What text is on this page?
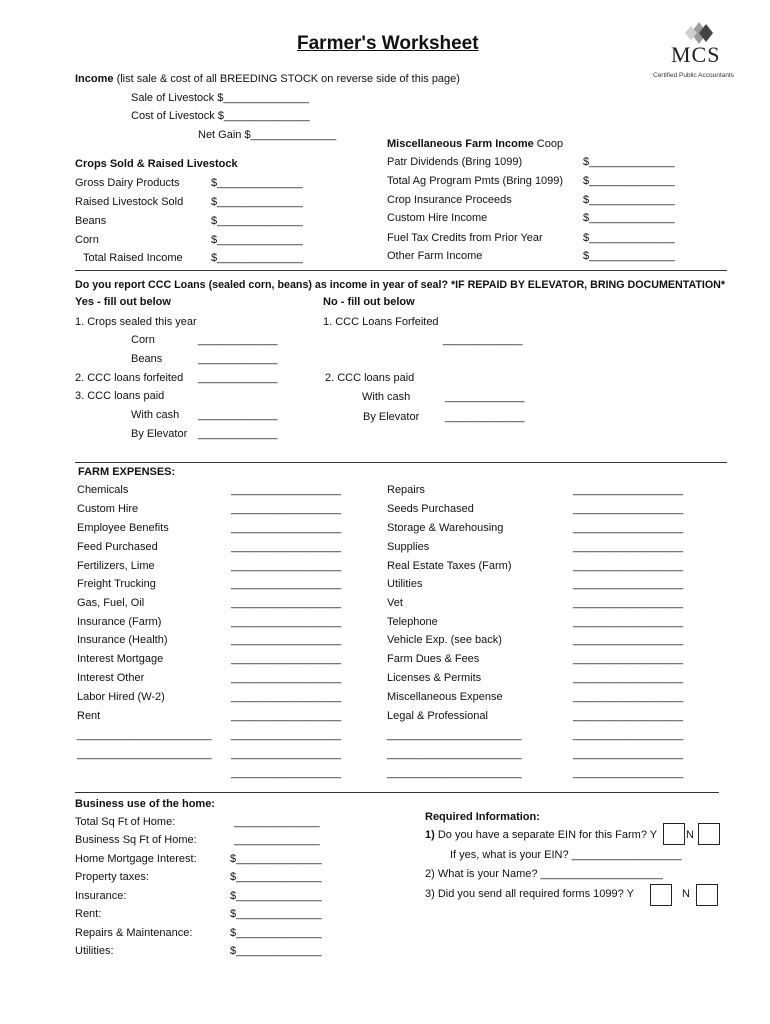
Farmer's Worksheet	MCS
Certified Public Accountants
Income (list sale & cost of all BREEDING STOCK on reverse side of this page)
Sale of Livestock $______________
Cost of Livestock $______________
Net Gain $______________
Crops Sold & Raised Livestock
Gross Dairy Products	$______________
Raised Livestock Sold	$______________
Beans	$______________
Corn	$______________
Total Raised Income	$______________
Miscellaneous Farm Income Coop
Patr Dividends (Bring 1099)	$______________
Total Ag Program Pmts (Bring 1099) $______________
Crop Insurance Proceeds	$______________
Custom Hire Income	$______________
Fuel Tax Credits from Prior Year	$______________
Other Farm Income	$______________
Do you report CCC Loans (sealed corn, beans) as income in year of seal? *IF REPAID BY ELEVATOR, BRING DOCUMENTATION*
Yes - fill out below	No - fill out below
1. Crops sealed this year
Corn	_____________
Beans	_____________
2. CCC loans forfeited _____________
3. CCC loans paid
With cash _____________
By Elevator _____________
1. CCC Loans Forfeited
_____________
2. CCC loans paid
With cash	_____________
By Elevator _____________
FARM EXPENSES:
Chemicals	__________________
Custom Hire	__________________
Employee Benefits	__________________
Feed Purchased	__________________
Fertilizers, Lime	__________________
Freight Trucking	__________________
Gas, Fuel, Oil	__________________
Insurance (Farm)	__________________
Insurance (Health)	__________________
Interest Mortgage	__________________
Interest Other	__________________
Labor Hired (W-2)	__________________
Rent	__________________
Repairs	__________________
Seeds Purchased	__________________
Storage & Warehousing	__________________
Supplies	__________________
Real Estate Taxes (Farm)	__________________
Utilities	__________________
Vet	__________________
Telephone	__________________
Vehicle Exp. (see back)	__________________
Farm Dues & Fees	__________________
Licenses & Permits	__________________
Miscellaneous Expense	__________________
Legal & Professional	__________________
______________________
______________________
__________________	______________________	__________________
__________________	______________________	__________________
__________________	______________________	__________________
Business use of the home:
Total Sq Ft of Home:	______________
Business Sq Ft of Home:	______________
Home Mortgage Interest:	$______________
Property taxes:	$______________
Insurance:	$______________
Rent:	$______________
Repairs & Maintenance:	$______________
Utilities:	$______________
Required Information:
1) Do you have a separate EIN for this Farm? Y	N
If yes, what is your EIN? __________________
2) What is your Name? ____________________
3) Did you send all required forms 1099? Y	N
